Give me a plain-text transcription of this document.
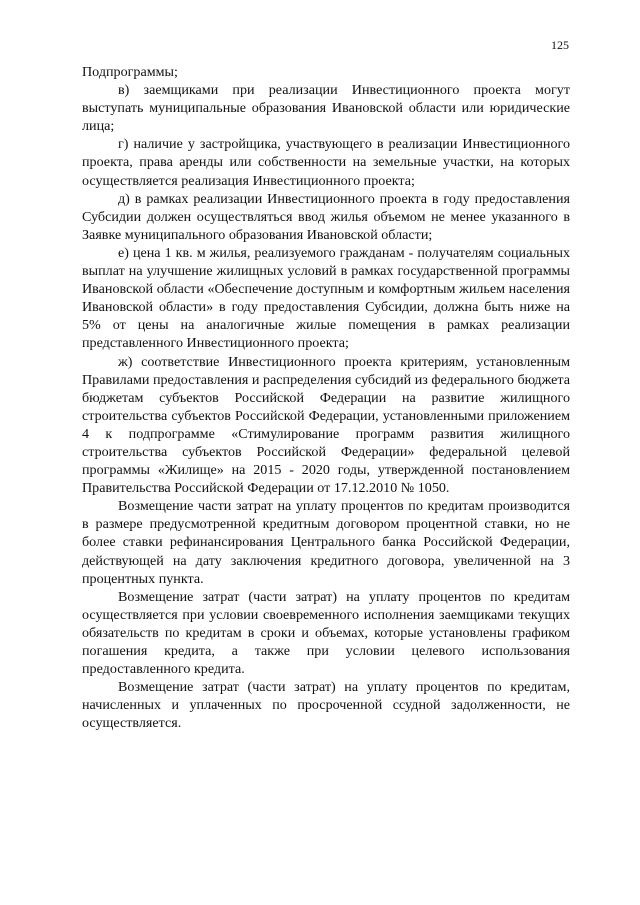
125

Подпрограммы;

в) заемщиками при реализации Инвестиционного проекта могут выступать муниципальные образования Ивановской области или юридические лица;

г) наличие у застройщика, участвующего в реализации Инвестиционного проекта, права аренды или собственности на земельные участки, на которых осуществляется реализация Инвестиционного проекта;

д) в рамках реализации Инвестиционного проекта в году предоставления Субсидии должен осуществляться ввод жилья объемом не менее указанного в Заявке муниципального образования Ивановской области;

е) цена 1 кв. м жилья, реализуемого гражданам - получателям социальных выплат на улучшение жилищных условий в рамках государственной программы Ивановской области «Обеспечение доступным и комфортным жильем населения Ивановской области» в году предоставления Субсидии, должна быть ниже на 5% от цены на аналогичные жилые помещения в рамках реализации представленного Инвестиционного проекта;

ж) соответствие Инвестиционного проекта критериям, установленным Правилами предоставления и распределения субсидий из федерального бюджета бюджетам субъектов Российской Федерации на развитие жилищного строительства субъектов Российской Федерации, установленными приложением 4 к подпрограмме «Стимулирование программ развития жилищного строительства субъектов Российской Федерации» федеральной целевой программы «Жилище» на 2015 - 2020 годы, утвержденной постановлением Правительства Российской Федерации от 17.12.2010 № 1050.

Возмещение части затрат на уплату процентов по кредитам производится в размере предусмотренной кредитным договором процентной ставки, но не более ставки рефинансирования Центрального банка Российской Федерации, действующей на дату заключения кредитного договора, увеличенной на 3 процентных пункта.

Возмещение затрат (части затрат) на уплату процентов по кредитам осуществляется при условии своевременного исполнения заемщиками текущих обязательств по кредитам в сроки и объемах, которые установлены графиком погашения кредита, а также при условии целевого использования предоставленного кредита.

Возмещение затрат (части затрат) на уплату процентов по кредитам, начисленных и уплаченных по просроченной ссудной задолженности, не осуществляется.
